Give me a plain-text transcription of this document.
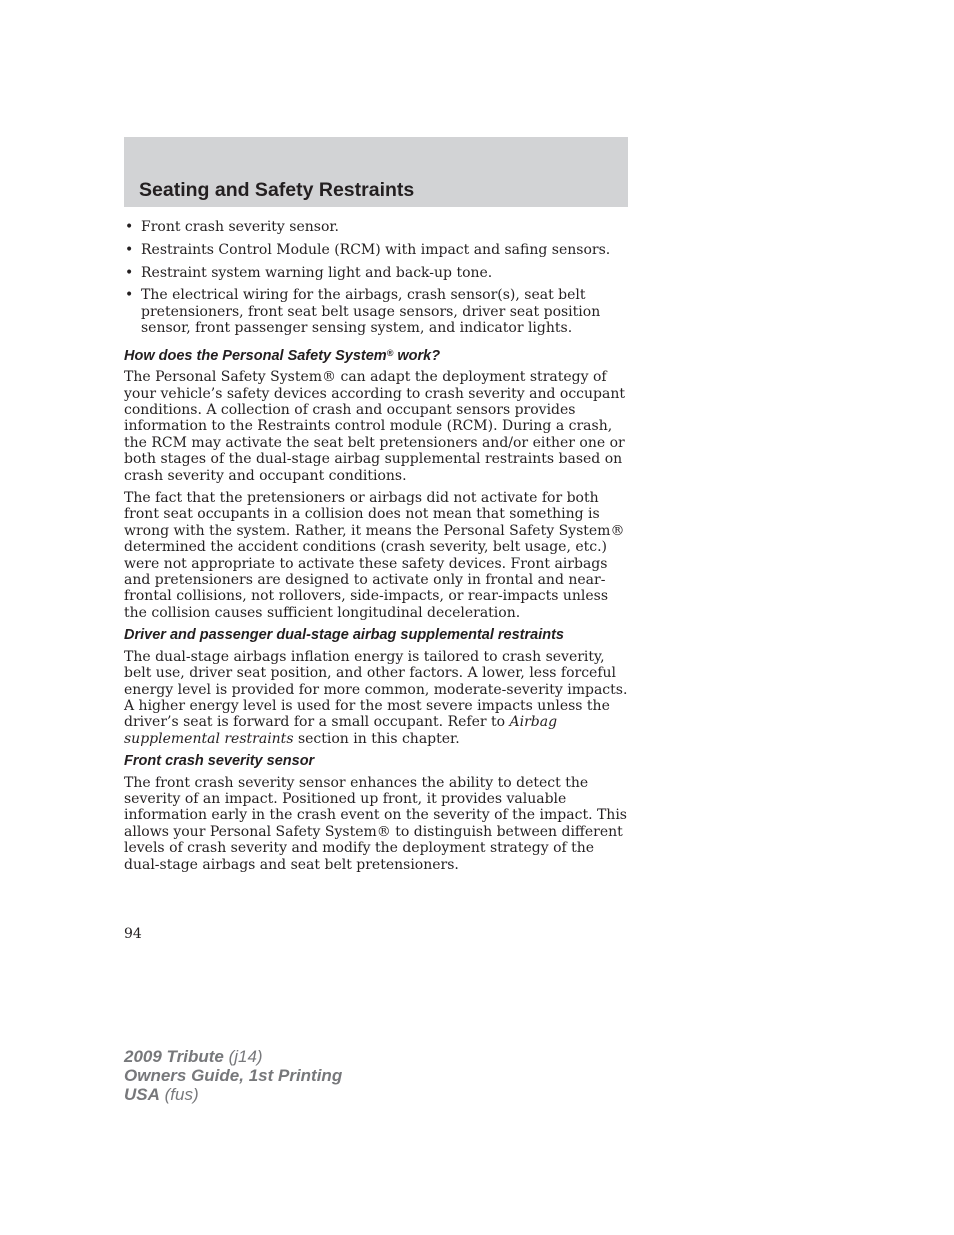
Seating and Safety Restraints
• Front crash severity sensor.
• Restraints Control Module (RCM) with impact and safing sensors.
• Restraint system warning light and back-up tone.
• The electrical wiring for the airbags, crash sensor(s), seat belt pretensioners, front seat belt usage sensors, driver seat position sensor, front passenger sensing system, and indicator lights.
How does the Personal Safety System® work?

The Personal Safety System® can adapt the deployment strategy of your vehicle’s safety devices according to crash severity and occupant conditions. A collection of crash and occupant sensors provides information to the Restraints control module (RCM). During a crash, the RCM may activate the seat belt pretensioners and/or either one or both stages of the dual-stage airbag supplemental restraints based on crash severity and occupant conditions.

The fact that the pretensioners or airbags did not activate for both front seat occupants in a collision does not mean that something is wrong with the system. Rather, it means the Personal Safety System® determined the accident conditions (crash severity, belt usage, etc.) were not appropriate to activate these safety devices. Front airbags and pretensioners are designed to activate only in frontal and near-frontal collisions, not rollovers, side-impacts, or rear-impacts unless the collision causes sufficient longitudinal deceleration.

Driver and passenger dual-stage airbag supplemental restraints

The dual-stage airbags inflation energy is tailored to crash severity, belt use, driver seat position, and other factors. A lower, less forceful energy level is provided for more common, moderate-severity impacts. A higher energy level is used for the most severe impacts unless the driver’s seat is forward for a small occupant. Refer to Airbag supplemental restraints section in this chapter.

Front crash severity sensor

The front crash severity sensor enhances the ability to detect the severity of an impact. Positioned up front, it provides valuable information early in the crash event on the severity of the impact. This allows your Personal Safety System® to distinguish between different levels of crash severity and modify the deployment strategy of the dual-stage airbags and seat belt pretensioners.

94
2009 Tribute (j14)
Owners Guide, 1st Printing
USA (fus)
